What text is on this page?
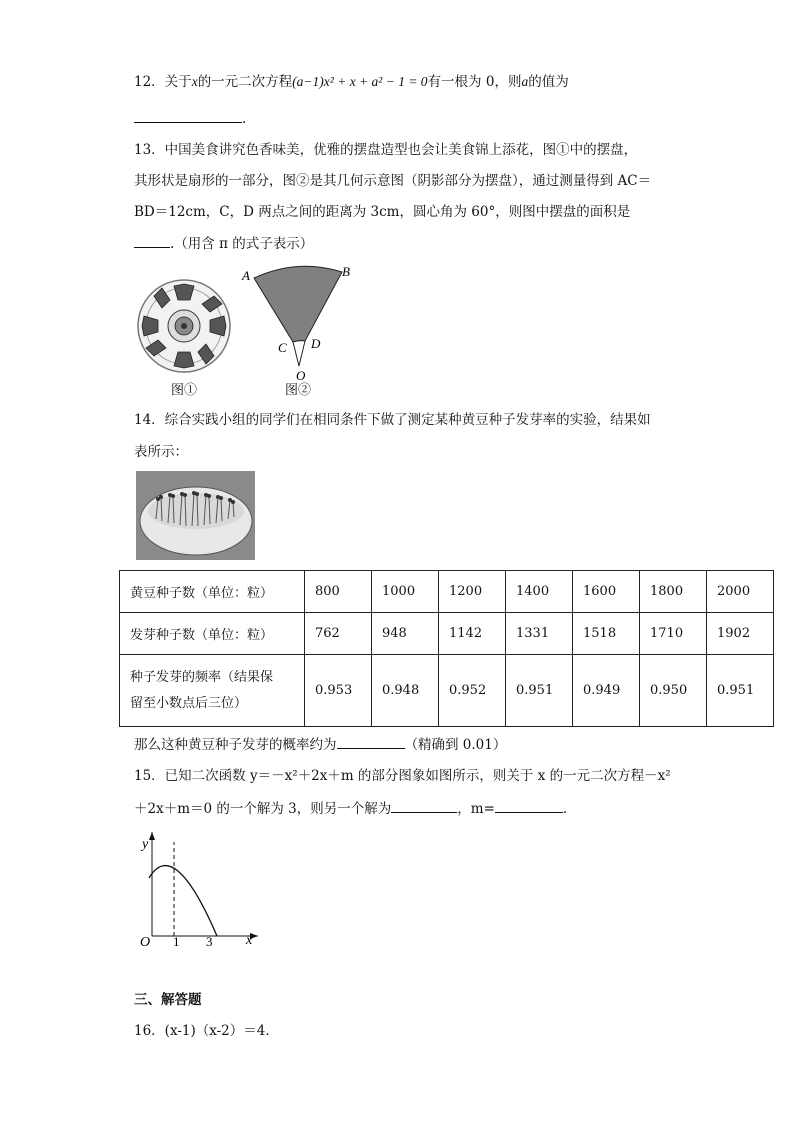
12．关于x的一元二次方程(a−1)x² + x + a² − 1 = 0有一根为 0，则a的值为
.
13．中国美食讲究色香味美，优雅的摆盘造型也会让美食锦上添花，图①中的摆盘，
其形状是扇形的一部分，图②是其几何示意图（阴影部分为摆盘），通过测量得到 AC＝
BD＝12cm，C，D 两点之间的距离为 3cm，圆心角为 60°，则图中摆盘的面积是
.（用含 π 的式子表示）
图①
A	B
C D
O
图②
14．综合实践小组的同学们在相同条件下做了测定某种黄豆种子发芽率的实验，结果如
表所示：
黄豆种子数（单位：粒）	800	1000	1200	1400	1600	1800	2000
发芽种子数（单位：粒）	762	948	1142	1331	1518	1710	1902

种子发芽的频率（结果保
留至小数点后三位）	0.953	0.948	0.952	0.951	0.949	0.950	0.951
那么这种黄豆种子发芽的概率约为	（精确到 0.01）
15．已知二次函数 y＝－x²＋2x＋m 的部分图象如图所示，则关于 x 的一元二次方程－x²
＋2x＋m＝0 的一个解为 3，则另一个解为	，m=	.
y
x
O 1 3
三、解答题
16．(x-1)（x-2）＝4．
